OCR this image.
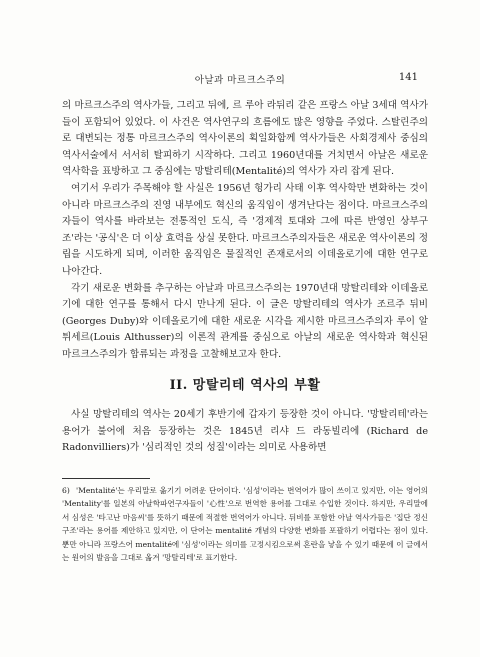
아날과 마르크스주의	141

의 마르크스주의 역사가들, 그리고 뒤에, 르 루아 라뒤리 같은 프랑스 아날 3세대 역사가들이 포함되어 있었다. 이 사건은 역사연구의 흐름에도 많은 영향을 주었다. 스탈린주의로 대변되는 정통 마르크스주의 역사이론의 획일화함께 역사가들은 사회경제사 중심의 역사서술에서 서서히 탈피하기 시작하다. 그리고 1960년대를 거치면서 아날은 새로운 역사학을 표방하고 그 중심에는 망탈리테(Mentalité)의 역사가 자리 잡게 된다.

여기서 우리가 주목해야 할 사실은 1956년 헝가리 사태 이후 역사학만 변화하는 것이 아니라 마르크스주의 진영 내부에도 혁신의 움직임이 생겨난다는 점이다. 마르크스주의자들이 역사를 바라보는 전통적인 도식, 즉 '경제적 토대와 그에 따른 반영인 상부구조'라는 '공식'은 더 이상 효력을 상실 못한다. 마르크스주의자들은 새로운 역사이론의 정립을 시도하게 되며, 이러한 움직임은 물질적인 존재로서의 이데올로기에 대한 연구로 나아간다.

각기 새로운 변화를 추구하는 아날과 마르크스주의는 1970년대 망탈리테와 이데올로기에 대한 연구를 통해서 다시 만나게 된다. 이 글은 망탈리테의 역사가 조르주 뒤비(Georges Duby)와 이데올로기에 대한 새로운 시각을 제시한 마르크스주의자 루이 알튀세르(Louis Althusser)의 이론적 관계를 중심으로 아날의 새로운 역사학과 혁신된 마르크스주의가 합류되는 과정을 고찰해보고자 한다.

II. 망탈리테 역사의 부활

사실 망탈리테의 역사는 20세기 후반기에 갑자기 등장한 것이 아니다. '망탈리테'라는 용어가 불어에 처음 등장하는 것은 1845년 리샤 드 라동빌리에 (Richard de Radonvilliers)가 '심리적인 것의 성질'이라는 의미로 사용하면

6) 'Mentalité'는 우리말로 옮기기 어려운 단어이다. '심성'이라는 번역어가 많이 쓰이고 있지만, 이는 영어의 'Mentality'를 일본의 아날학파연구자들이 '心性'으로 번역한 용어를 그대로 수입한 것이다. 하지만, 우리말에서 심성은 '타고난 마음씨'를 뜻하기 때문에 적절한 번역어가 아니다. 뒤비를 포함한 아날 역사가들은 '집단 정신구조'라는 용어를 제안하고 있지만, 이 단어는 mentalité 개념의 다양한 변화를 포괄하기 어렵다는 점이 있다. 뿐만 아니라 프랑스어 mentalité에 '심성'이라는 의미를 고정시킴으로써 혼란을 낳을 수 있기 때문에 이 글에서는 원어의 발음을 그대로 옮겨 '망탈리테'로 표기한다.
